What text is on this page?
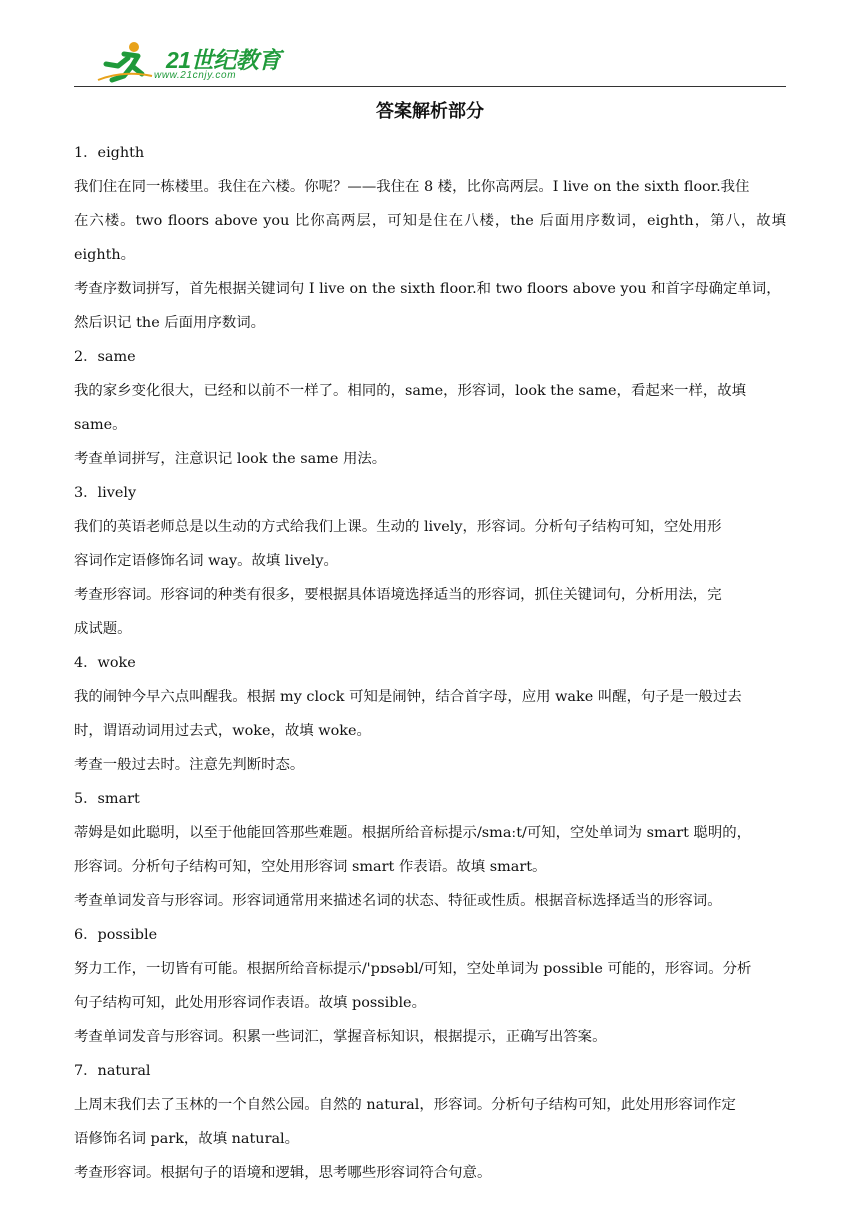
21世纪教育
www.21cnjy.com
答案解析部分

1．eighth

我们住在同一栋楼里。我住在六楼。你呢？——我住在 8 楼，比你高两层。I live on the sixth floor.我住

在六楼。two floors above you 比你高两层，可知是住在八楼，the 后面用序数词，eighth，第八，故填 eighth。

考查序数词拼写，首先根据关键词句 I live on the sixth floor.和 two floors above you 和首字母确定单词，

然后识记 the 后面用序数词。

2．same

我的家乡变化很大，已经和以前不一样了。相同的，same，形容词，look the same，看起来一样，故填

same。

考查单词拼写，注意识记 look the same 用法。

3．lively

我们的英语老师总是以生动的方式给我们上课。生动的 lively，形容词。分析句子结构可知，空处用形

容词作定语修饰名词 way。故填 lively。

考查形容词。形容词的种类有很多，要根据具体语境选择适当的形容词，抓住关键词句，分析用法，完

成试题。

4．woke

我的闹钟今早六点叫醒我。根据 my clock 可知是闹钟，结合首字母，应用 wake 叫醒，句子是一般过去

时，谓语动词用过去式，woke，故填 woke。

考查一般过去时。注意先判断时态。

5．smart

蒂姆是如此聪明，以至于他能回答那些难题。根据所给音标提示/smaːt/可知，空处单词为 smart 聪明的，

形容词。分析句子结构可知，空处用形容词 smart 作表语。故填 smart。

考查单词发音与形容词。形容词通常用来描述名词的状态、特征或性质。根据音标选择适当的形容词。

6．possible

努力工作，一切皆有可能。根据所给音标提示/'pɒsəbl/可知，空处单词为 possible 可能的，形容词。分析

句子结构可知，此处用形容词作表语。故填 possible。

考查单词发音与形容词。积累一些词汇，掌握音标知识，根据提示，正确写出答案。

7．natural

上周末我们去了玉林的一个自然公园。自然的 natural，形容词。分析句子结构可知，此处用形容词作定

语修饰名词 park，故填 natural。

考查形容词。根据句子的语境和逻辑，思考哪些形容词符合句意。
